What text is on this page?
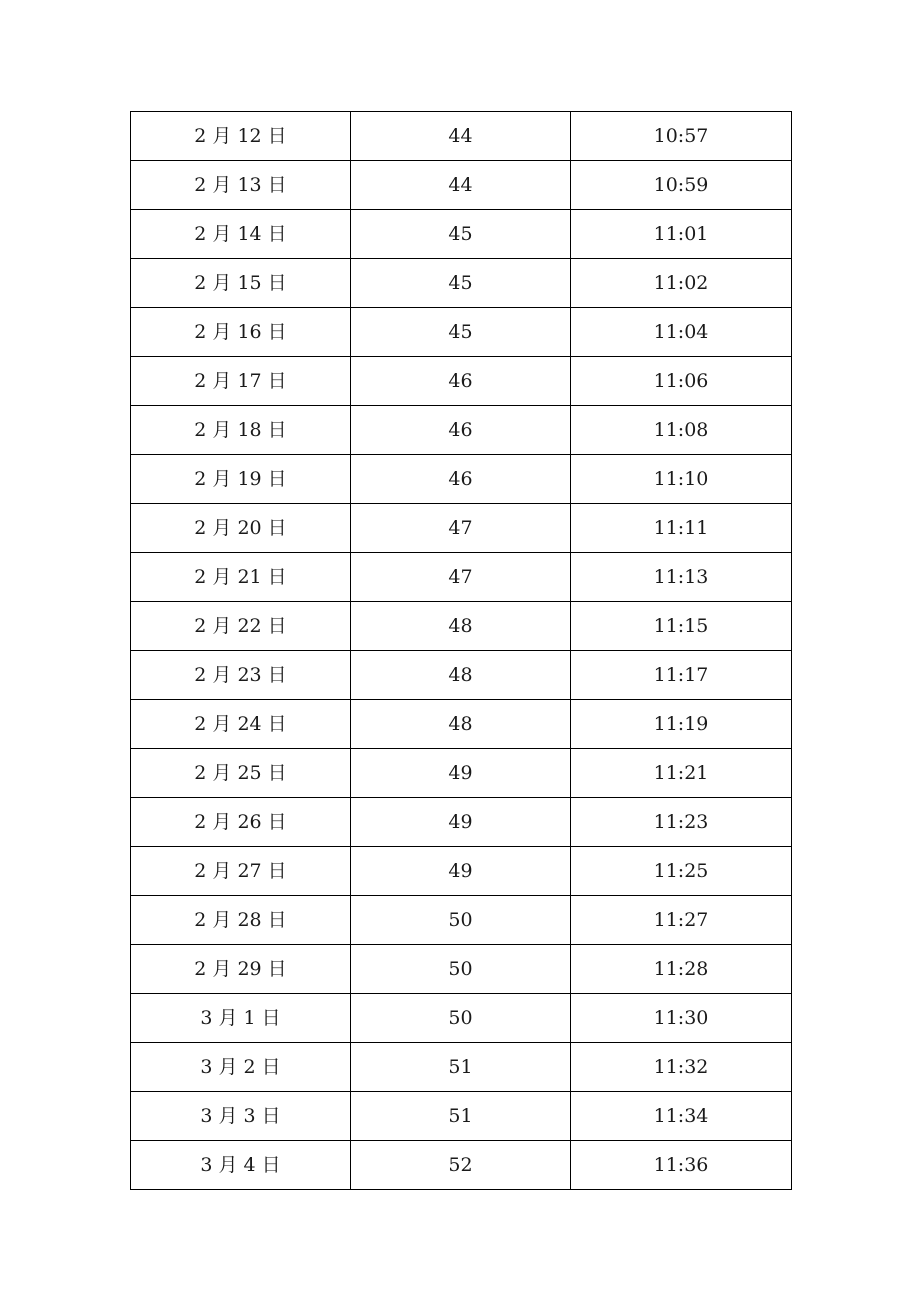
2 月 12 日	44	10:57
2 月 13 日	44	10:59
2 月 14 日	45	11:01
2 月 15 日	45	11:02
2 月 16 日	45	11:04
2 月 17 日	46	11:06
2 月 18 日	46	11:08
2 月 19 日	46	11:10
2 月 20 日	47	11:11
2 月 21 日	47	11:13
2 月 22 日	48	11:15
2 月 23 日	48	11:17
2 月 24 日	48	11:19
2 月 25 日	49	11:21
2 月 26 日	49	11:23
2 月 27 日	49	11:25
2 月 28 日	50	11:27
2 月 29 日	50	11:28
3 月 1 日	50	11:30
3 月 2 日	51	11:32
3 月 3 日	51	11:34
3 月 4 日	52	11:36
